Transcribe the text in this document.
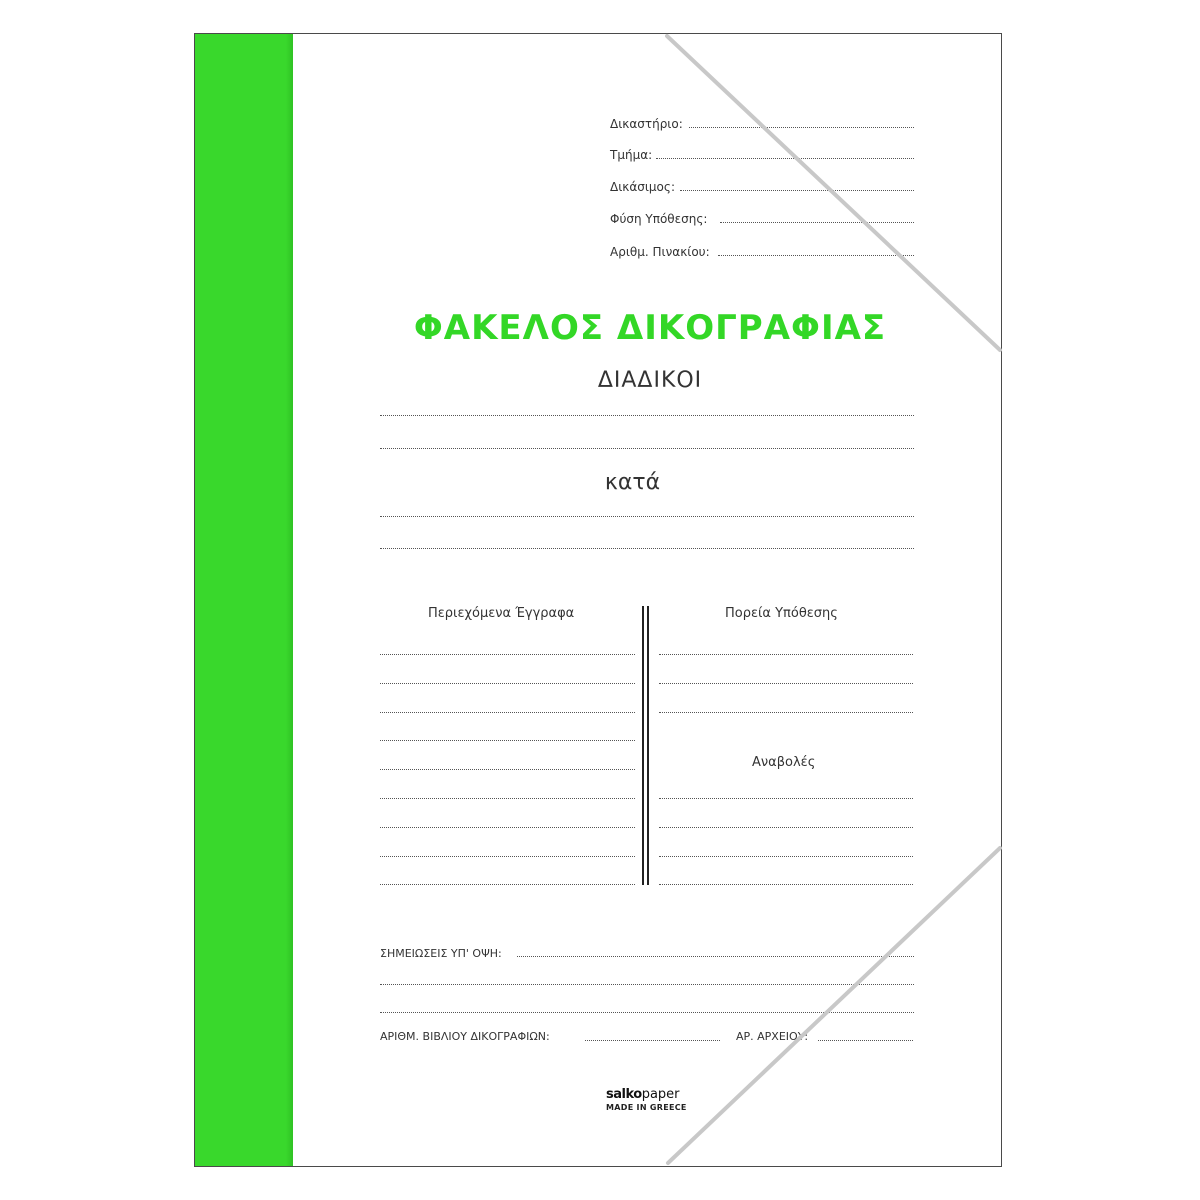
Δικαστήριο:
Τμήμα:
Δικάσιμος:
Φύση Υπόθεσης:
Αριθμ. Πινακίου:
ΦΑΚΕΛΟΣ ΔΙΚΟΓΡΑΦΙΑΣ
ΔΙΑΔΙΚΟΙ
κατά
Περιεχόμενα Έγγραφα	Πορεία Υπόθεσης
Αναβολές
ΣΗΜΕΙΩΣΕΙΣ ΥΠ' ΟΨΗ:
ΑΡΙΘΜ. ΒΙΒΛΙΟΥ ΔΙΚΟΓΡΑΦΙΩΝ:	ΑΡ. ΑΡΧΕΙΟΥ:
salkopaper
MADE IN GREECE
